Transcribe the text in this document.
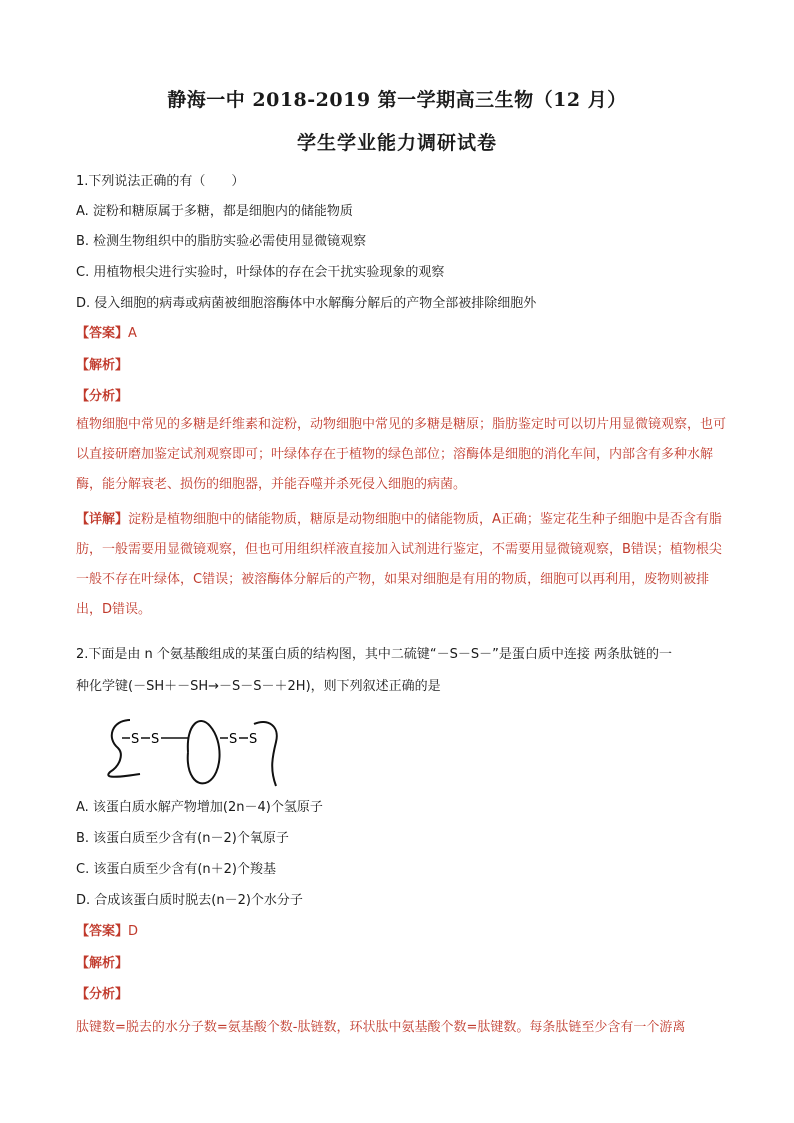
静海一中 2018-2019 第一学期高三生物（12 月）
学生学业能力调研试卷
1.下列说法正确的有（　　）
A. 淀粉和糖原属于多糖，都是细胞内的储能物质
B. 检测生物组织中的脂肪实验必需使用显微镜观察
C. 用植物根尖进行实验时，叶绿体的存在会干扰实验现象的观察
D. 侵入细胞的病毒或病菌被细胞溶酶体中水解酶分解后的产物全部被排除细胞外
【答案】A
【解析】
【分析】
植物细胞中常见的多糖是纤维素和淀粉，动物细胞中常见的多糖是糖原；脂肪鉴定时可以切片用显微镜观察，也可以直接研磨加鉴定试剂观察即可；叶绿体存在于植物的绿色部位；溶酶体是细胞的消化车间，内部含有多种水解酶，能分解衰老、损伤的细胞器，并能吞噬并杀死侵入细胞的病菌。
【详解】淀粉是植物细胞中的储能物质，糖原是动物细胞中的储能物质，A正确；鉴定花生种子细胞中是否含有脂肪，一般需要用显微镜观察，但也可用组织样液直接加入试剂进行鉴定，不需要用显微镜观察，B错误；植物根尖一般不存在叶绿体，C错误；被溶酶体分解后的产物，如果对细胞是有用的物质，细胞可以再利用，废物则被排出，D错误。
2.下面是由 n 个氨基酸组成的某蛋白质的结构图，其中二硫键“－S－S－”是蛋白质中连接 两条肽链的一
种化学键(－SH＋－SH→－S－S－＋2H)，则下列叙述正确的是
S S	S S
A. 该蛋白质水解产物增加(2n－4)个氢原子
B. 该蛋白质至少含有(n－2)个氧原子
C. 该蛋白质至少含有(n＋2)个羧基
D. 合成该蛋白质时脱去(n－2)个水分子
【答案】D
【解析】
【分析】
肽键数=脱去的水分子数=氨基酸个数-肽链数，环状肽中氨基酸个数=肽键数。每条肽链至少含有一个游离
